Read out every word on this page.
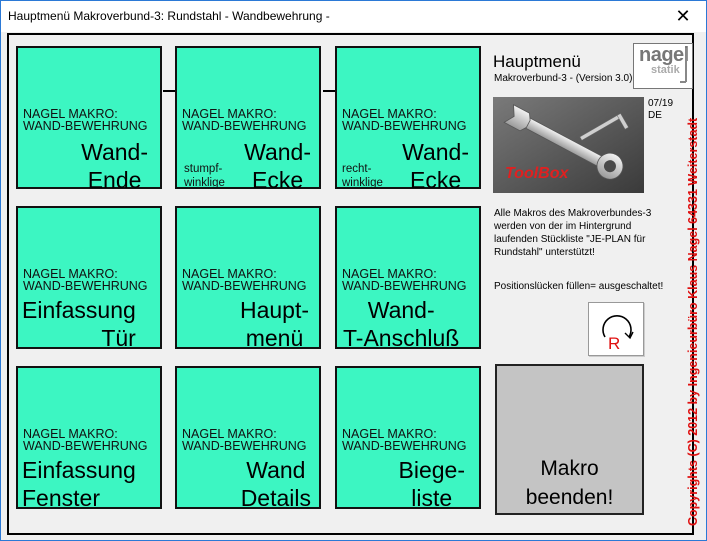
Hauptmenü Makroverbund-3: Rundstahl - Wandbewehrung -	✕
NAGEL MAKRO:
WAND-BEWEHRUNG
Wand-
Ende
NAGEL MAKRO:
WAND-BEWEHRUNG
stumpf-
winklige
Wand-
Ecke
NAGEL MAKRO:
WAND-BEWEHRUNG
recht-
winklige
Wand-
Ecke
NAGEL MAKRO:
WAND-BEWEHRUNG
Einfassung
Tür
NAGEL MAKRO:
WAND-BEWEHRUNG
Haupt-
menü
NAGEL MAKRO:
WAND-BEWEHRUNG
Wand-
T-Anschluß
NAGEL MAKRO:
WAND-BEWEHRUNG
Einfassung
Fenster
NAGEL MAKRO:
WAND-BEWEHRUNG
Wand
Details
NAGEL MAKRO:
WAND-BEWEHRUNG
Biege-
liste
Hauptmenü
Makroverbund-3 - (Version 3.0)
nagel
statik
ToolBox
07/19
DE
Alle Makros des Makroverbundes-3 werden von der im Hintergrund laufenden Stückliste "JE-PLAN für Rundstahl" unterstützt!
Positionslücken füllen= ausgeschaltet!
R
Makro
beenden!	Copyrights (C) 2012 by Ingenieurbüro Klaus Nagel 64331 Weiterstadt
